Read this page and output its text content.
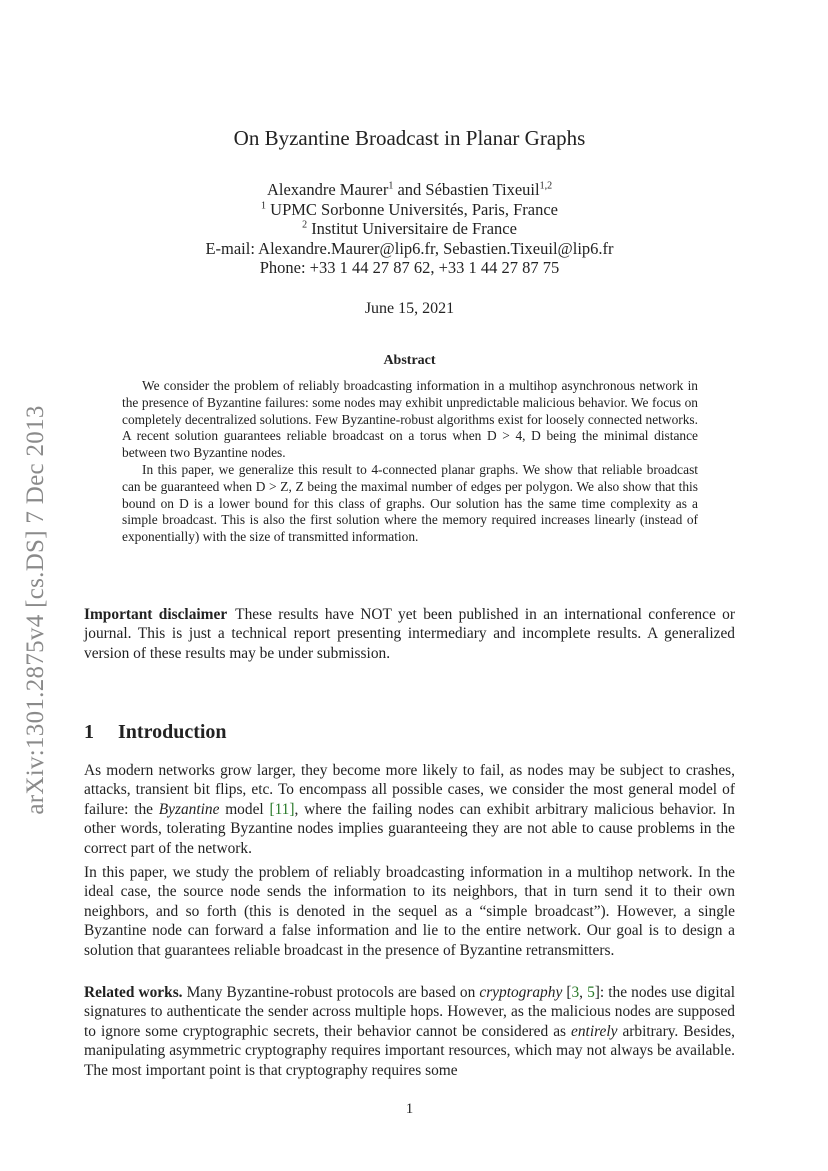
arXiv:1301.2875v4 [cs.DS] 7 Dec 2013
On Byzantine Broadcast in Planar Graphs
Alexandre Maurer$^1$ and Sébastien Tixeuil$^{1,2}$
$^1$ UPMC Sorbonne Universités, Paris, France
$^2$ Institut Universitaire de France
E-mail: Alexandre.Maurer@lip6.fr, Sebastien.Tixeuil@lip6.fr
Phone: +33 1 44 27 87 62, +33 1 44 27 87 75
June 15, 2021
Abstract

We consider the problem of reliably broadcasting information in a multihop asynchronous network in the presence of Byzantine failures: some nodes may exhibit unpredictable malicious behavior. We focus on completely decentralized solutions. Few Byzantine-robust algorithms exist for loosely connected networks. A recent solution guarantees reliable broadcast on a torus when D > 4, D being the minimal distance between two Byzantine nodes.

In this paper, we generalize this result to 4-connected planar graphs. We show that reliable broadcast can be guaranteed when D > Z, Z being the maximal number of edges per polygon. We also show that this bound on D is a lower bound for this class of graphs. Our solution has the same time complexity as a simple broadcast. This is also the first solution where the memory required increases linearly (instead of exponentially) with the size of transmitted information.

Important disclaimer These results have NOT yet been published in an international conference or journal. This is just a technical report presenting intermediary and incomplete results. A generalized version of these results may be under submission.
1 Introduction

As modern networks grow larger, they become more likely to fail, as nodes may be subject to crashes, attacks, transient bit flips, etc. To encompass all possible cases, we consider the most general model of failure: the Byzantine model [11], where the failing nodes can exhibit arbitrary malicious behavior. In other words, tolerating Byzantine nodes implies guaranteeing they are not able to cause problems in the correct part of the network.

In this paper, we study the problem of reliably broadcasting information in a multihop network. In the ideal case, the source node sends the information to its neighbors, that in turn send it to their own neighbors, and so forth (this is denoted in the sequel as a “simple broadcast”). However, a single Byzantine node can forward a false information and lie to the entire network. Our goal is to design a solution that guarantees reliable broadcast in the presence of Byzantine retransmitters.

Related works. Many Byzantine-robust protocols are based on cryptography [3, 5]: the nodes use digital signatures to authenticate the sender across multiple hops. However, as the malicious nodes are supposed to ignore some cryptographic secrets, their behavior cannot be considered as entirely arbitrary. Besides, manipulating asymmetric cryptography requires important resources, which may not always be available. The most important point is that cryptography requires some

1
